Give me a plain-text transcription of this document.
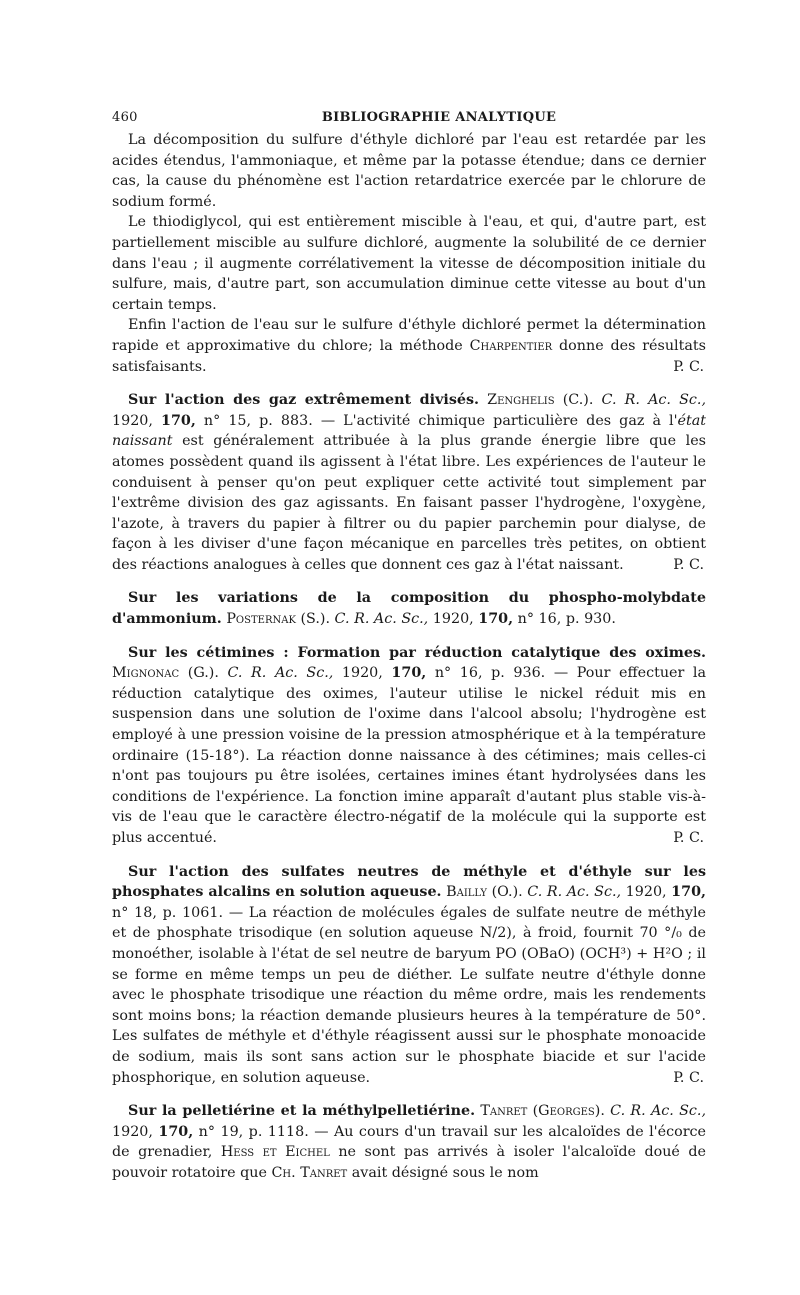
460	BIBLIOGRAPHIE ANALYTIQUE

La décomposition du sulfure d'éthyle dichloré par l'eau est retardée par les acides étendus, l'ammoniaque, et même par la potasse étendue; dans ce dernier cas, la cause du phénomène est l'action retardatrice exercée par le chlorure de sodium formé.

Le thiodiglycol, qui est entièrement miscible à l'eau, et qui, d'autre part, est partiellement miscible au sulfure dichloré, augmente la solubilité de ce dernier dans l'eau ; il augmente corrélativement la vitesse de décomposition initiale du sulfure, mais, d'autre part, son accumulation diminue cette vitesse au bout d'un certain temps.

Enfin l'action de l'eau sur le sulfure d'éthyle dichloré permet la détermination rapide et approximative du chlore; la méthode Charpentier donne des résultats satisfaisants.	P. C.

Sur l'action des gaz extrêmement divisés. Zenghelis (C.). C. R. Ac. Sc., 1920, 170, n° 15, p. 883. — L'activité chimique particulière des gaz à l'état naissant est généralement attribuée à la plus grande énergie libre que les atomes possèdent quand ils agissent à l'état libre. Les expériences de l'auteur le conduisent à penser qu'on peut expliquer cette activité tout simplement par l'extrême division des gaz agissants. En faisant passer l'hydrogène, l'oxygène, l'azote, à travers du papier à filtrer ou du papier parchemin pour dialyse, de façon à les diviser d'une façon mécanique en parcelles très petites, on obtient des réactions analogues à celles que donnent ces gaz à l'état naissant.	P. C.
Sur les variations de la composition du phospho-molybdate d'ammonium. Posternak (S.). C. R. Ac. Sc., 1920, 170, n° 16, p. 930.
Sur les cétimines : Formation par réduction catalytique des oximes. Mignonac (G.). C. R. Ac. Sc., 1920, 170, n° 16, p. 936. — Pour effectuer la réduction catalytique des oximes, l'auteur utilise le nickel réduit mis en suspension dans une solution de l'oxime dans l'alcool absolu; l'hydrogène est employé à une pression voisine de la pression atmosphérique et à la température ordinaire (15-18°). La réaction donne naissance à des cétimines; mais celles-ci n'ont pas toujours pu être isolées, certaines imines étant hydrolysées dans les conditions de l'expérience. La fonction imine apparaît d'autant plus stable vis-à-vis de l'eau que le caractère électro-négatif de la molécule qui la supporte est plus accentué.	P. C.
Sur l'action des sulfates neutres de méthyle et d'éthyle sur les phosphates alcalins en solution aqueuse. Bailly (O.). C. R. Ac. Sc., 1920, 170, n° 18, p. 1061. — La réaction de molécules égales de sulfate neutre de méthyle et de phosphate trisodique (en solution aqueuse N/2), à froid, fournit 70 °/₀ de monoéther, isolable à l'état de sel neutre de baryum PO (OBaO) (OCH³) + H²O ; il se forme en même temps un peu de diéther. Le sulfate neutre d'éthyle donne avec le phosphate trisodique une réaction du même ordre, mais les rendements sont moins bons; la réaction demande plusieurs heures à la température de 50°. Les sulfates de méthyle et d'éthyle réagissent aussi sur le phosphate monoacide de sodium, mais ils sont sans action sur le phosphate biacide et sur l'acide phosphorique, en solution aqueuse.	P. C.
Sur la pelletiérine et la méthylpelletiérine. Tanret (Georges). C. R. Ac. Sc., 1920, 170, n° 19, p. 1118. — Au cours d'un travail sur les alcaloïdes de l'écorce de grenadier, Hess et Eichel ne sont pas arrivés à isoler l'alcaloïde doué de pouvoir rotatoire que Ch. Tanret avait désigné sous le nom
